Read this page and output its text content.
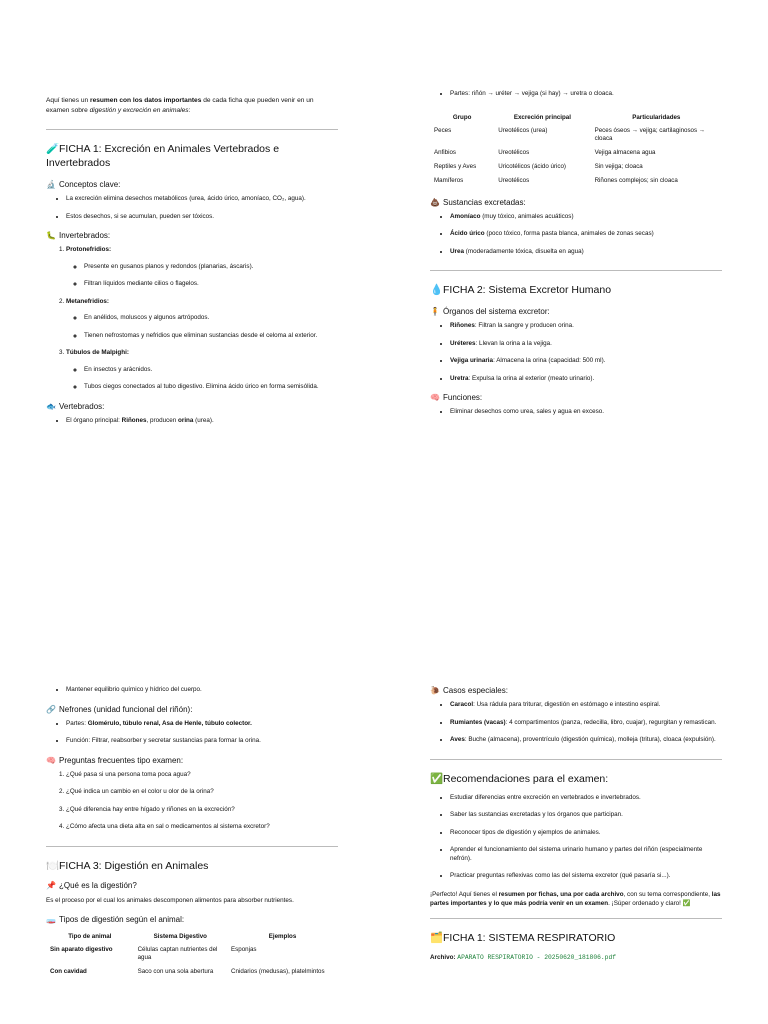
Aquí tienes un resumen con los datos importantes de cada ficha que pueden venir en un examen sobre digestión y excreción en animales:

🧪FICHA 1: Excreción en Animales Vertebrados e Invertebrados
🔬 Conceptos clave:
• La excreción elimina desechos metabólicos (urea, ácido úrico, amoníaco, CO₂, agua).
• Estos desechos, si se acumulan, pueden ser tóxicos.
🐛 Invertebrados:
1. Protonefridios:
◦ Presente en gusanos planos y redondos (planarias, áscaris).
◦ Filtran líquidos mediante cilios o flagelos.
2. Metanefridios:
◦ En anélidos, moluscos y algunos artrópodos.
◦ Tienen nefrostomas y nefridios que eliminan sustancias desde el celoma al exterior.
3. Túbulos de Malpighi:
◦ En insectos y arácnidos.
◦ Tubos ciegos conectados al tubo digestivo. Elimina ácido úrico en forma semisólida.
🐟 Vertebrados:
• El órgano principal: Riñones, producen orina (urea).
• Partes: riñón → uréter → vejiga (si hay) → uretra o cloaca.
Grupo	Excreción principal	Particularidades
Peces	Ureotélicos (urea)	Peces óseos → vejiga; cartilaginosos → cloaca
Anfibios	Ureotélicos	Vejiga almacena agua
Reptiles y Aves	Uricotélicos (ácido úrico)	Sin vejiga; cloaca
Mamíferos	Ureotélicos	Riñones complejos; sin cloaca
💩 Sustancias excretadas:
• Amoníaco (muy tóxico, animales acuáticos)
• Ácido úrico (poco tóxico, forma pasta blanca, animales de zonas secas)
• Urea (moderadamente tóxica, disuelta en agua)
💧FICHA 2: Sistema Excretor Humano
🧍 Órganos del sistema excretor:
• Riñones: Filtran la sangre y producen orina.
• Uréteres: Llevan la orina a la vejiga.
• Vejiga urinaria: Almacena la orina (capacidad: 500 ml).
• Uretra: Expulsa la orina al exterior (meato urinario).
🧠 Funciones:
• Eliminar desechos como urea, sales y agua en exceso.
• Mantener equilibrio químico y hídrico del cuerpo.
🔗 Nefrones (unidad funcional del riñón):
• Partes: Glomérulo, túbulo renal, Asa de Henle, túbulo colector.
• Función: Filtrar, reabsorber y secretar sustancias para formar la orina.
🧠 Preguntas frecuentes tipo examen:
1. ¿Qué pasa si una persona toma poca agua?
2. ¿Qué indica un cambio en el color u olor de la orina?
3. ¿Qué diferencia hay entre hígado y riñones en la excreción?
4. ¿Cómo afecta una dieta alta en sal o medicamentos al sistema excretor?
🍽️FICHA 3: Digestión en Animales
📌 ¿Qué es la digestión?

Es el proceso por el cual los animales descomponen alimentos para absorber nutrientes.

🧫 Tipos de digestión según el animal:
Tipo de animal	Sistema Digestivo	Ejemplos
Sin aparato digestivo	Células captan nutrientes del agua	Esponjas
Con cavidad	Saco con una sola abertura	Cnidarios (medusas), platelmintos
🐌 Casos especiales:
• Caracol: Usa rádula para triturar, digestión en estómago e intestino espiral.
• Rumiantes (vacas): 4 compartimentos (panza, redecilla, libro, cuajar), regurgitan y remastican.
• Aves: Buche (almacena), proventrículo (digestión química), molleja (tritura), cloaca (expulsión).
✅Recomendaciones para el examen:
• Estudiar diferencias entre excreción en vertebrados e invertebrados.
• Saber las sustancias excretadas y los órganos que participan.
• Reconocer tipos de digestión y ejemplos de animales.
• Aprender el funcionamiento del sistema urinario humano y partes del riñón (especialmente nefrón).
• Practicar preguntas reflexivas como las del sistema excretor (qué pasaría si...).

¡Perfecto! Aquí tienes el resumen por fichas, una por cada archivo, con su tema correspondiente, las partes importantes y lo que más podría venir en un examen. ¡Súper ordenado y claro! ✅

🗂️FICHA 1: SISTEMA RESPIRATORIO

Archivo: APARATO RESPIRATORIO - 20250620_181806.pdf
